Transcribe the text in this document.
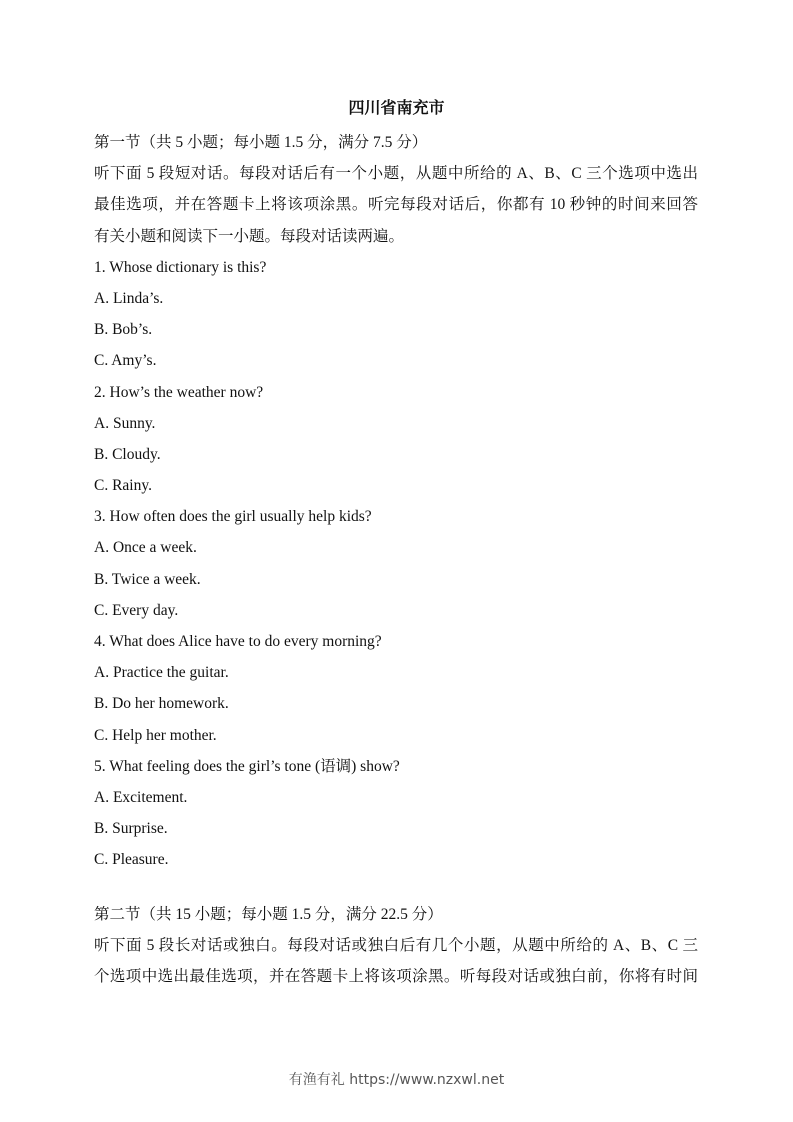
四川省南充市
第一节（共 5 小题；每小题 1.5 分，满分 7.5 分）
听下面 5 段短对话。每段对话后有一个小题，从题中所给的 A、B、C 三个选项中选出
最佳选项，并在答题卡上将该项涂黑。听完每段对话后，你都有 10 秒钟的时间来回答
有关小题和阅读下一小题。每段对话读两遍。
1. Whose dictionary is this?
A. Linda’s.
B. Bob’s.
C. Amy’s.
2. How’s the weather now?
A. Sunny.
B. Cloudy.
C. Rainy.
3. How often does the girl usually help kids?
A. Once a week.
B. Twice a week.
C. Every day.
4. What does Alice have to do every morning?
A. Practice the guitar.
B. Do her homework.
C. Help her mother.
5. What feeling does the girl’s tone (语调) show?
A. Excitement.
B. Surprise.
C. Pleasure.
第二节（共 15 小题；每小题 1.5 分，满分 22.5 分）
听下面 5 段长对话或独白。每段对话或独白后有几个小题，从题中所给的 A、B、C 三
个选项中选出最佳选项，并在答题卡上将该项涂黑。听每段对话或独白前，你将有时间
有渔有礼 https://www.nzxwl.net
